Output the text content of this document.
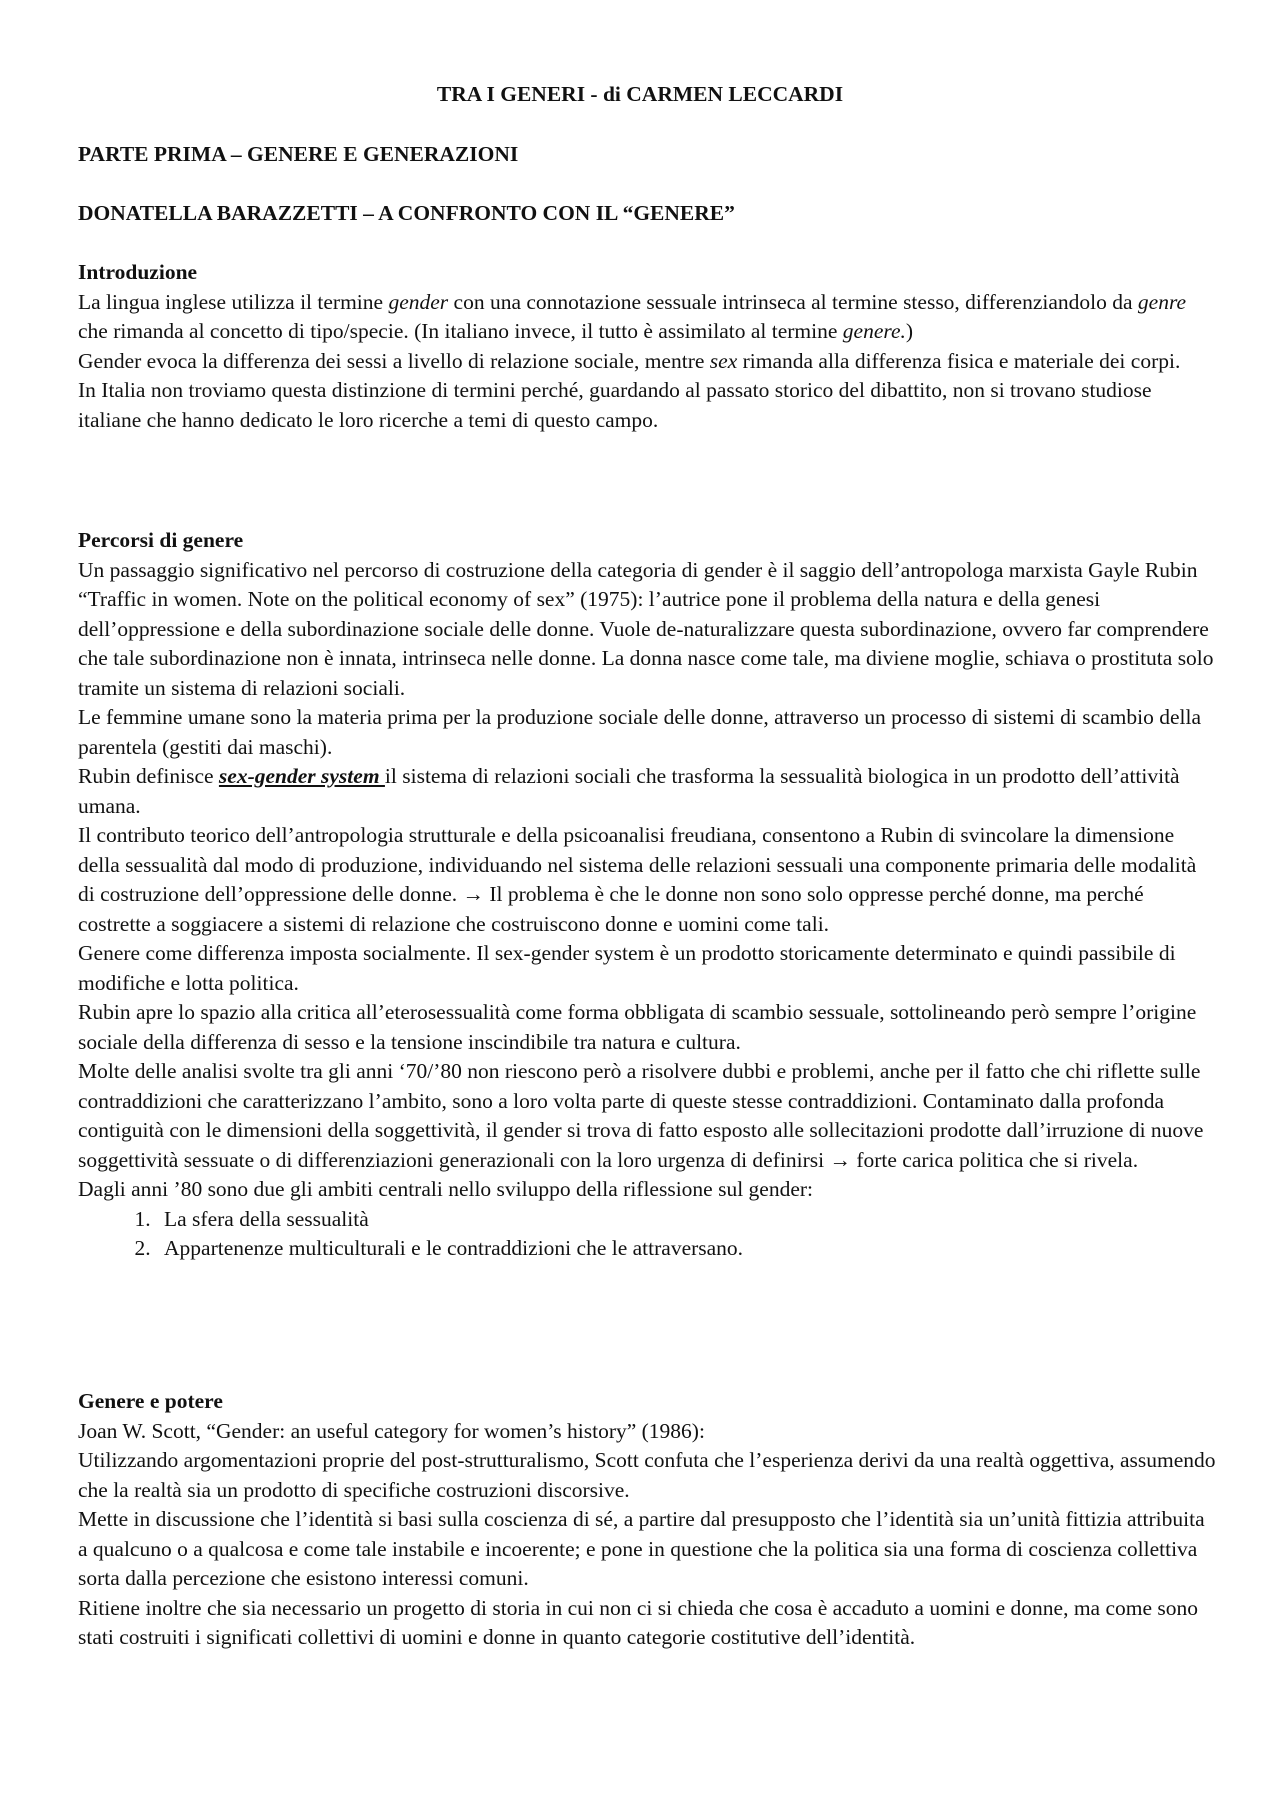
TRA I GENERI - di CARMEN LECCARDI
PARTE PRIMA – GENERE E GENERAZIONI
DONATELLA BARAZZETTI – A CONFRONTO CON IL “GENERE”

Introduzione

La lingua inglese utilizza il termine gender con una connotazione sessuale intrinseca al termine stesso, differenziandolo da genre che rimanda al concetto di tipo/specie. (In italiano invece, il tutto è assimilato al termine genere.)

Gender evoca la differenza dei sessi a livello di relazione sociale, mentre sex rimanda alla differenza fisica e materiale dei corpi.

In Italia non troviamo questa distinzione di termini perché, guardando al passato storico del dibattito, non si trovano studiose italiane che hanno dedicato le loro ricerche a temi di questo campo.

Percorsi di genere

Un passaggio significativo nel percorso di costruzione della categoria di gender è il saggio dell’antropologa marxista Gayle Rubin “Traffic in women. Note on the political economy of sex” (1975): l’autrice pone il problema della natura e della genesi dell’oppressione e della subordinazione sociale delle donne. Vuole de-naturalizzare questa subordinazione, ovvero far comprendere che tale subordinazione non è innata, intrinseca nelle donne. La donna nasce come tale, ma diviene moglie, schiava o prostituta solo tramite un sistema di relazioni sociali.

Le femmine umane sono la materia prima per la produzione sociale delle donne, attraverso un processo di sistemi di scambio della parentela (gestiti dai maschi).

Rubin definisce sex-gender system il sistema di relazioni sociali che trasforma la sessualità biologica in un prodotto dell’attività umana.

Il contributo teorico dell’antropologia strutturale e della psicoanalisi freudiana, consentono a Rubin di svincolare la dimensione della sessualità dal modo di produzione, individuando nel sistema delle relazioni sessuali una componente primaria delle modalità di costruzione dell’oppressione delle donne. → Il problema è che le donne non sono solo oppresse perché donne, ma perché costrette a soggiacere a sistemi di relazione che costruiscono donne e uomini come tali.

Genere come differenza imposta socialmente. Il sex-gender system è un prodotto storicamente determinato e quindi passibile di modifiche e lotta politica.

Rubin apre lo spazio alla critica all’eterosessualità come forma obbligata di scambio sessuale, sottolineando però sempre l’origine sociale della differenza di sesso e la tensione inscindibile tra natura e cultura.

Molte delle analisi svolte tra gli anni ‘70/’80 non riescono però a risolvere dubbi e problemi, anche per il fatto che chi riflette sulle contraddizioni che caratterizzano l’ambito, sono a loro volta parte di queste stesse contraddizioni. Contaminato dalla profonda contiguità con le dimensioni della soggettività, il gender si trova di fatto esposto alle sollecitazioni prodotte dall’irruzione di nuove soggettività sessuate o di differenziazioni generazionali con la loro urgenza di definirsi → forte carica politica che si rivela.

Dagli anni ’80 sono due gli ambiti centrali nello sviluppo della riflessione sul gender:

1. La sfera della sessualità
2. Appartenenze multiculturali e le contraddizioni che le attraversano.

Genere e potere

Joan W. Scott, “Gender: an useful category for women’s history” (1986):

Utilizzando argomentazioni proprie del post-strutturalismo, Scott confuta che l’esperienza derivi da una realtà oggettiva, assumendo che la realtà sia un prodotto di specifiche costruzioni discorsive.

Mette in discussione che l’identità si basi sulla coscienza di sé, a partire dal presupposto che l’identità sia un’unità fittizia attribuita a qualcuno o a qualcosa e come tale instabile e incoerente; e pone in questione che la politica sia una forma di coscienza collettiva sorta dalla percezione che esistono interessi comuni.

Ritiene inoltre che sia necessario un progetto di storia in cui non ci si chieda che cosa è accaduto a uomini e donne, ma come sono stati costruiti i significati collettivi di uomini e donne in quanto categorie costitutive dell’identità.
